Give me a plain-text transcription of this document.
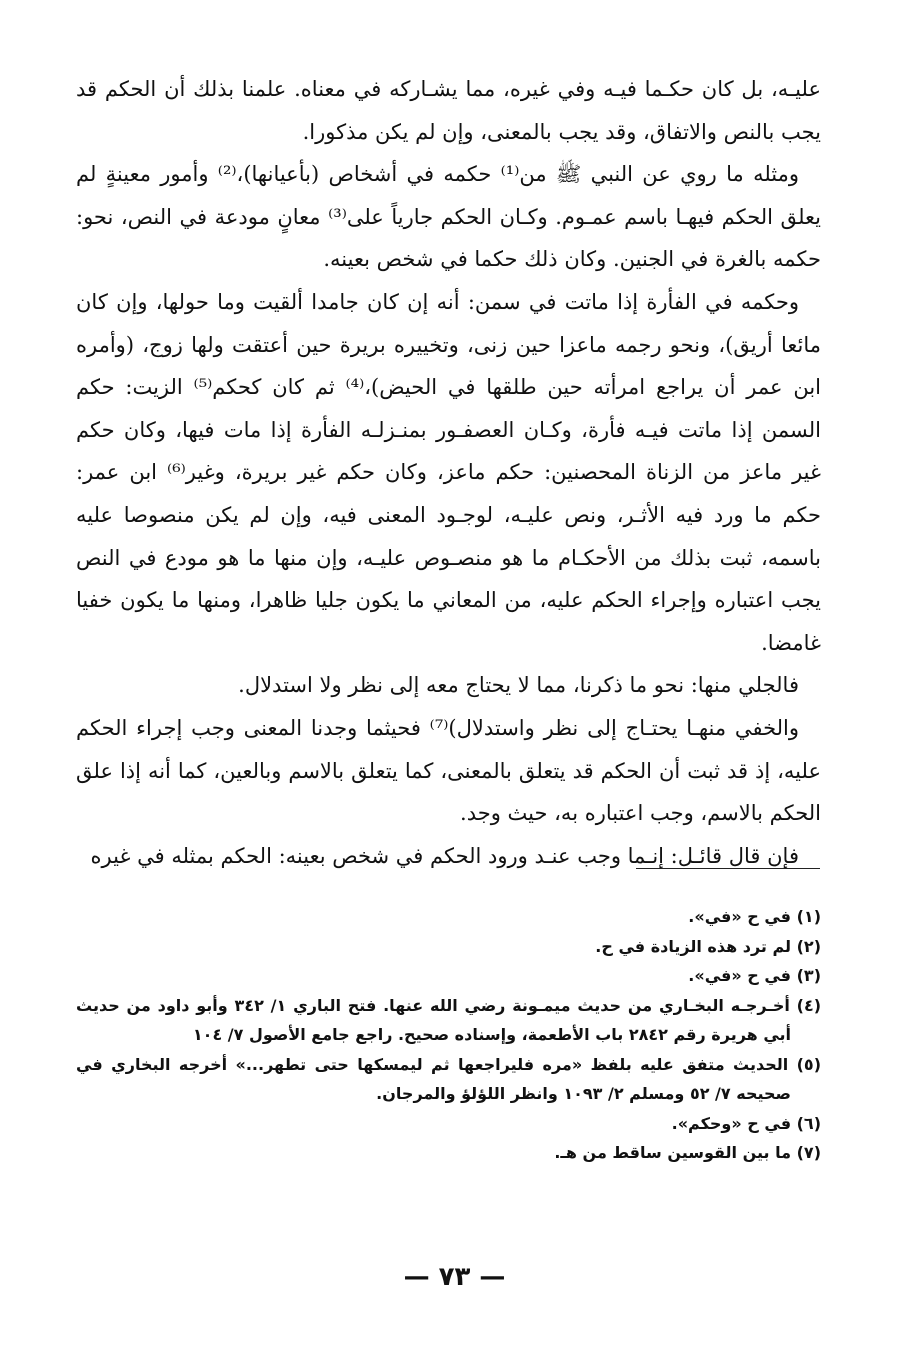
عليـه، بل كان حكـما فيـه وفي غيره، مما يشـاركه في معناه. علمنا بذلك أن الحكم قد يجب بالنص والاتفاق، وقد يجب بالمعنى، وإن لم يكن مذكورا.

ومثله ما روي عن النبي ﷺ من⁽¹⁾ حكمه في أشخاص (بأعيانها)،⁽²⁾ وأمور معينةٍ لم يعلق الحكم فيهـا باسم عمـوم. وكـان الحكم جارياً على⁽³⁾ معانٍ مودعة في النص، نحو: حكمه بالغرة في الجنين. وكان ذلك حكما في شخص بعينه.

وحكمه في الفأرة إذا ماتت في سمن: أنه إن كان جامدا ألقيت وما حولها، وإن كان مائعا أريق)، ونحو رجمه ماعزا حين زنى، وتخييره بريرة حين أعتقت ولها زوج، (وأمره ابن عمر أن يراجع امرأته حين طلقها في الحيض)،⁽⁴⁾ ثم كان كحكم⁽⁵⁾ الزيت: حكم السمن إذا ماتت فيـه فأرة، وكـان العصفـور بمنـزلـه الفأرة إذا مات فيها، وكان حكم غير ماعز من الزناة المحصنين: حكم ماعز، وكان حكم غير بريرة، وغير⁽⁶⁾ ابن عمر: حكم ما ورد فيه الأثـر، ونص عليـه، لوجـود المعنى فيه، وإن لم يكن منصوصا عليه باسمه، ثبت بذلك من الأحكـام ما هو منصـوص عليـه، وإن منها ما هو مودع في النص يجب اعتباره وإجراء الحكم عليه، من المعاني ما يكون جليا ظاهرا، ومنها ما يكون خفيا غامضا.

فالجلي منها: نحو ما ذكرنا، مما لا يحتاج معه إلى نظر ولا استدلال.

والخفي منهـا يحتـاج إلى نظر واستدلال)⁽⁷⁾ فحيثما وجدنا المعنى وجب إجراء الحكم عليه، إذ قد ثبت أن الحكم قد يتعلق بالمعنى، كما يتعلق بالاسم وبالعين، كما أنه إذا علق الحكم بالاسم، وجب اعتباره به، حيث وجد.

فإن قال قائـل: إنـما وجب عنـد ورود الحكم في شخص بعينه: الحكم بمثله في غيره

(١) في ح «في».

(٢) لم ترد هذه الزيادة في ح.

(٣) في ح «في».

(٤) أخـرجـه البخـاري من حديث ميمـونة رضي الله عنها. فتح الباري ١/ ٣٤٢ وأبو داود من حديث أبي هريرة رقم ٢٨٤٢ باب الأطعمة، وإسناده صحيح. راجع جامع الأصول ٧/ ١٠٤

(٥) الحديث متفق عليه بلفظ «مره فليراجعها ثم ليمسكها حتى تطهر...» أخرجه البخاري في صحيحه ٧/ ٥٢ ومسلم ٢/ ١٠٩٣ وانظر اللؤلؤ والمرجان.

(٦) في ح «وحكم».

(٧) ما بين القوسين ساقط من هـ.

— ٧٣ —
